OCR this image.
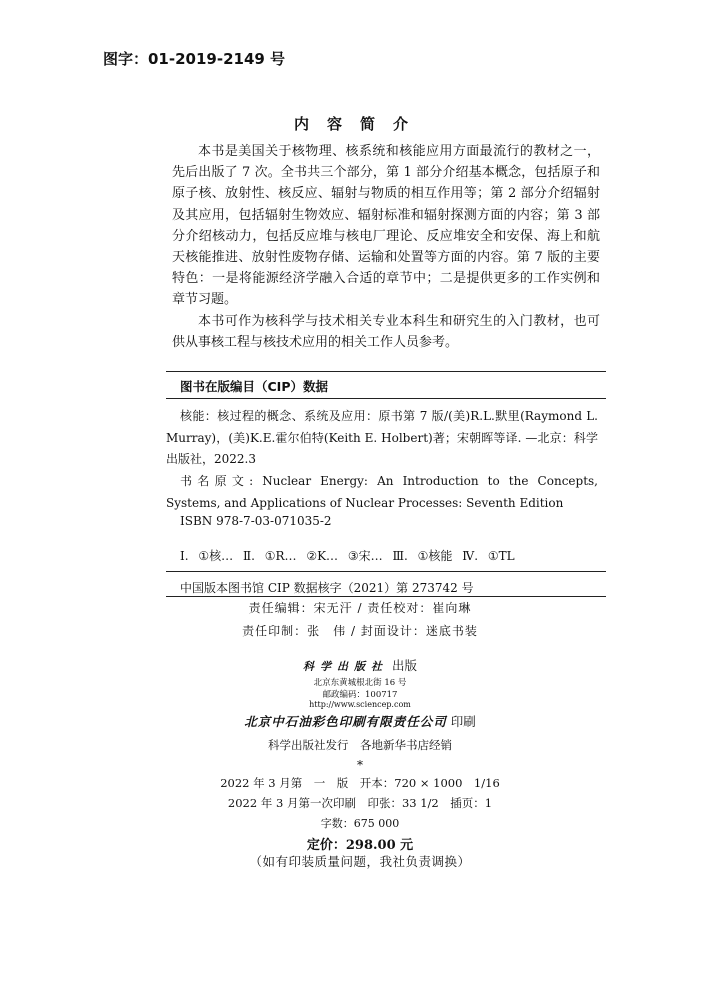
图字：01-2019-2149 号
内容简介

本书是美国关于核物理、核系统和核能应用方面最流行的教材之一，先后出版了 7 次。全书共三个部分，第 1 部分介绍基本概念，包括原子和原子核、放射性、核反应、辐射与物质的相互作用等；第 2 部分介绍辐射及其应用，包括辐射生物效应、辐射标准和辐射探测方面的内容；第 3 部分介绍核动力，包括反应堆与核电厂理论、反应堆安全和安保、海上和航天核能推进、放射性废物存储、运输和处置等方面的内容。第 7 版的主要特色：一是将能源经济学融入合适的章节中；二是提供更多的工作实例和章节习题。

本书可作为核科学与技术相关专业本科生和研究生的入门教材，也可供从事核工程与核技术应用的相关工作人员参考。

图书在版编目（CIP）数据

核能：核过程的概念、系统及应用：原书第 7 版/(美)R.L.默里(Raymond L. Murray)，(美)K.E.霍尔伯特(Keith E. Holbert)著；宋朝晖等译. —北京：科学出版社，2022.3

书名原文: Nuclear Energy: An Introduction to the Concepts, Systems, and Applications of Nuclear Processes: Seventh Edition

ISBN 978-7-03-071035-2
Ⅰ. ①核… Ⅱ. ①R… ②K… ③宋… Ⅲ. ①核能 Ⅳ. ①TL
中国版本图书馆 CIP 数据核字（2021）第 273742 号
责任编辑：宋无汗 / 责任校对：崔向琳
责任印制：张　伟 / 封面设计：迷底书装
科学出版社 出版
北京东黄城根北街 16 号
邮政编码：100717
http://www.sciencep.com
北京中石油彩色印刷有限责任公司 印刷
科学出版社发行　各地新华书店经销
*
2022 年 3 月第　一　版　开本：720 × 1000　1/16
2022 年 3 月第一次印刷　印张：33 1/2　插页：1
字数：675 000
定价：298.00 元
（如有印装质量问题，我社负责调换）
